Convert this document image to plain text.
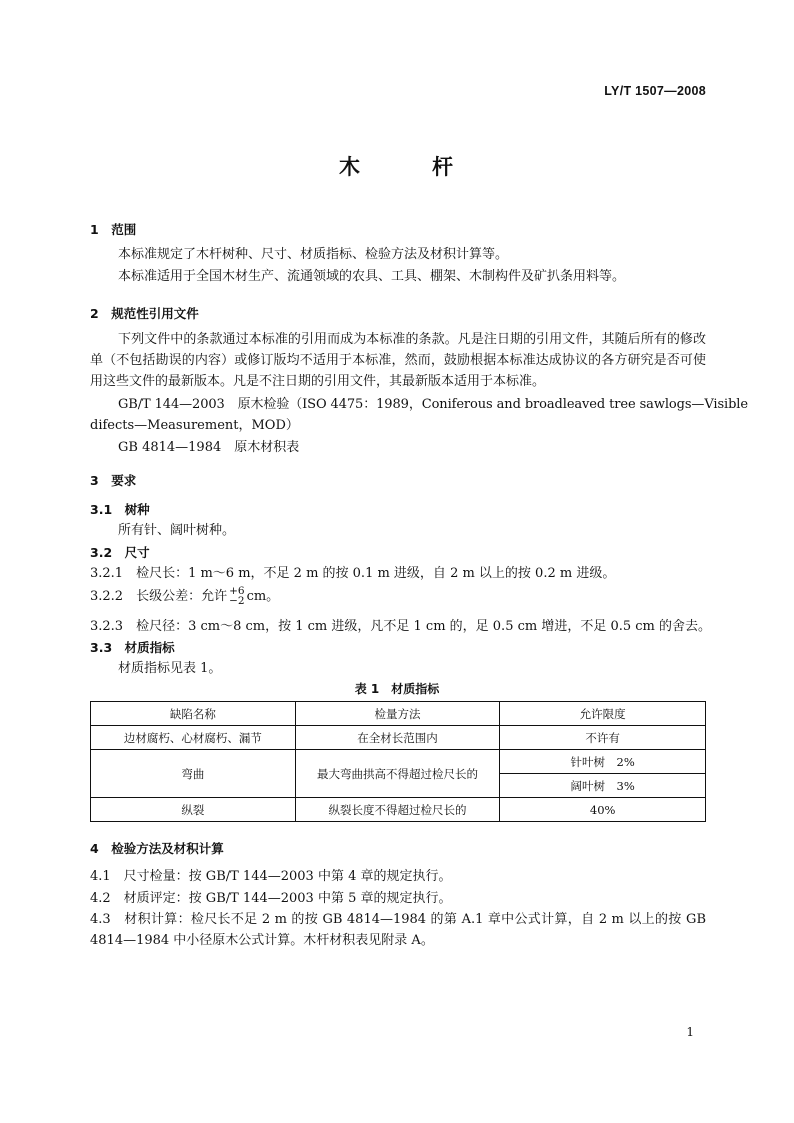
LY/T 1507—2008
木	杆
1　范围
本标准规定了木杆树种、尺寸、材质指标、检验方法及材积计算等。
本标准适用于全国木材生产、流通领域的农具、工具、棚架、木制构件及矿扒条用料等。
2　规范性引用文件
下列文件中的条款通过本标准的引用而成为本标准的条款。凡是注日期的引用文件，其随后所有的修改单（不包括勘误的内容）或修订版均不适用于本标准，然而，鼓励根据本标准达成协议的各方研究是否可使用这些文件的最新版本。凡是不注日期的引用文件，其最新版本适用于本标准。
GB/T 144—2003　原木检验（ISO 4475：1989，Coniferous and broadleaved tree sawlogs—Visible
difects—Measurement，MOD）
GB 4814—1984　原木材积表
3　要求
3.1　树种
所有针、阔叶树种。
3.2　尺寸
3.2.1　检尺长：1 m～6 m，不足 2 m 的按 0.1 m 进级，自 2 m 以上的按 0.2 m 进级。
3.2.2　长级公差：允许 +6
−2 cm。
3.2.3　检尺径：3 cm～8 cm，按 1 cm 进级，凡不足 1 cm 的，足 0.5 cm 增进，不足 0.5 cm 的舍去。
3.3　材质指标
材质指标见表 1。
表 1　材质指标
缺陷名称	检量方法	允许限度
边材腐朽、心材腐朽、漏节	在全材长范围内	不许有
弯曲	最大弯曲拱高不得超过检尺长的	针叶树　2%
		阔叶树　3%
纵裂	纵裂长度不得超过检尺长的	40%
4　检验方法及材积计算
4.1　尺寸检量：按 GB/T 144—2003 中第 4 章的规定执行。
4.2　材质评定：按 GB/T 144—2003 中第 5 章的规定执行。
4.3　材积计算：检尺长不足 2 m 的按 GB 4814—1984 的第 A.1 章中公式计算，自 2 m 以上的按 GB 4814—1984 中小径原木公式计算。木杆材积表见附录 A。
1
